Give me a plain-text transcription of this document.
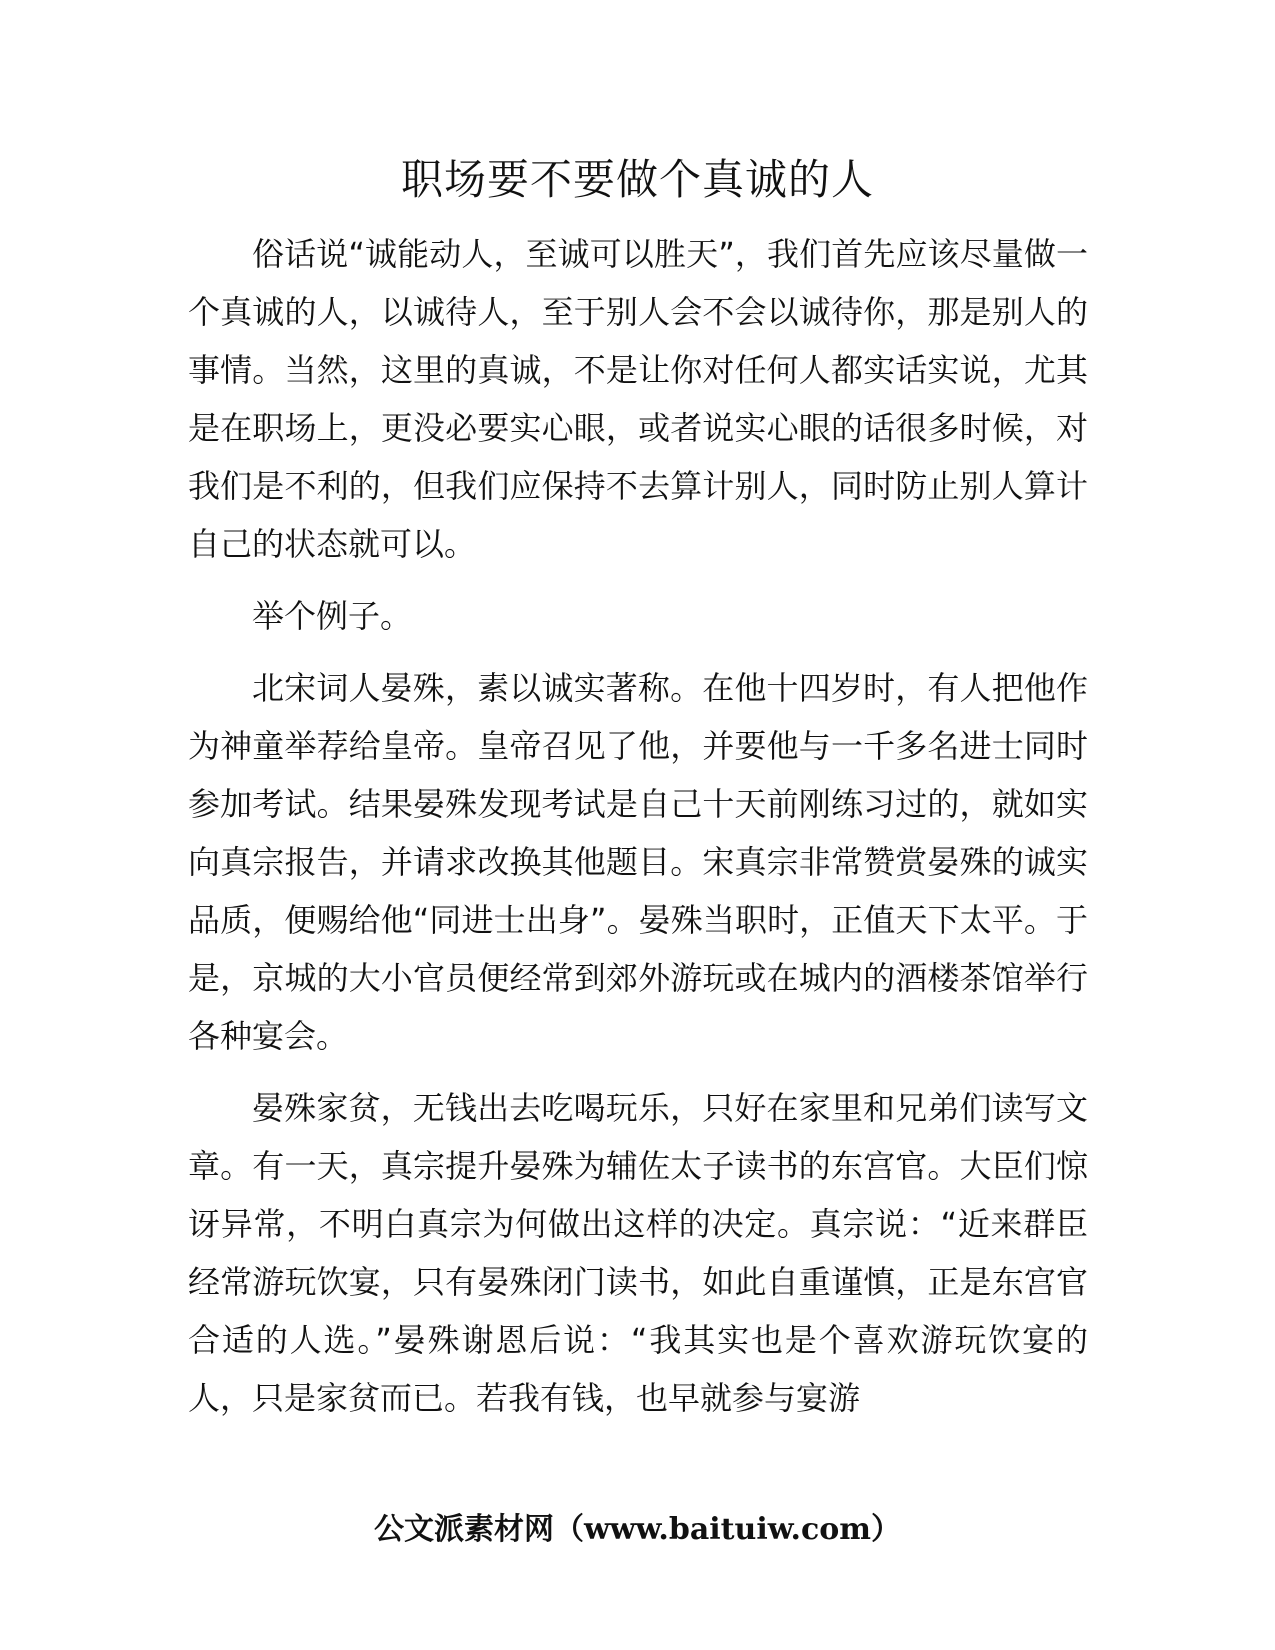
职场要不要做个真诚的人

俗话说“诚能动人，至诚可以胜天”，我们首先应该尽量做一个真诚的人，以诚待人，至于别人会不会以诚待你，那是别人的事情。当然，这里的真诚，不是让你对任何人都实话实说，尤其是在职场上，更没必要实心眼，或者说实心眼的话很多时候，对我们是不利的，但我们应保持不去算计别人，同时防止别人算计自己的状态就可以。

举个例子。

北宋词人晏殊，素以诚实著称。在他十四岁时，有人把他作为神童举荐给皇帝。皇帝召见了他，并要他与一千多名进士同时参加考试。结果晏殊发现考试是自己十天前刚练习过的，就如实向真宗报告，并请求改换其他题目。宋真宗非常赞赏晏殊的诚实品质，便赐给他“同进士出身”。晏殊当职时，正值天下太平。于是，京城的大小官员便经常到郊外游玩或在城内的酒楼茶馆举行各种宴会。

晏殊家贫，无钱出去吃喝玩乐，只好在家里和兄弟们读写文章。有一天，真宗提升晏殊为辅佐太子读书的东宫官。大臣们惊讶异常，不明白真宗为何做出这样的决定。真宗说：“近来群臣经常游玩饮宴，只有晏殊闭门读书，如此自重谨慎，正是东宫官合适的人选。”晏殊谢恩后说：“我其实也是个喜欢游玩饮宴的人，只是家贫而已。若我有钱，也早就参与宴游

公文派素材网（www.baituiw.com）
